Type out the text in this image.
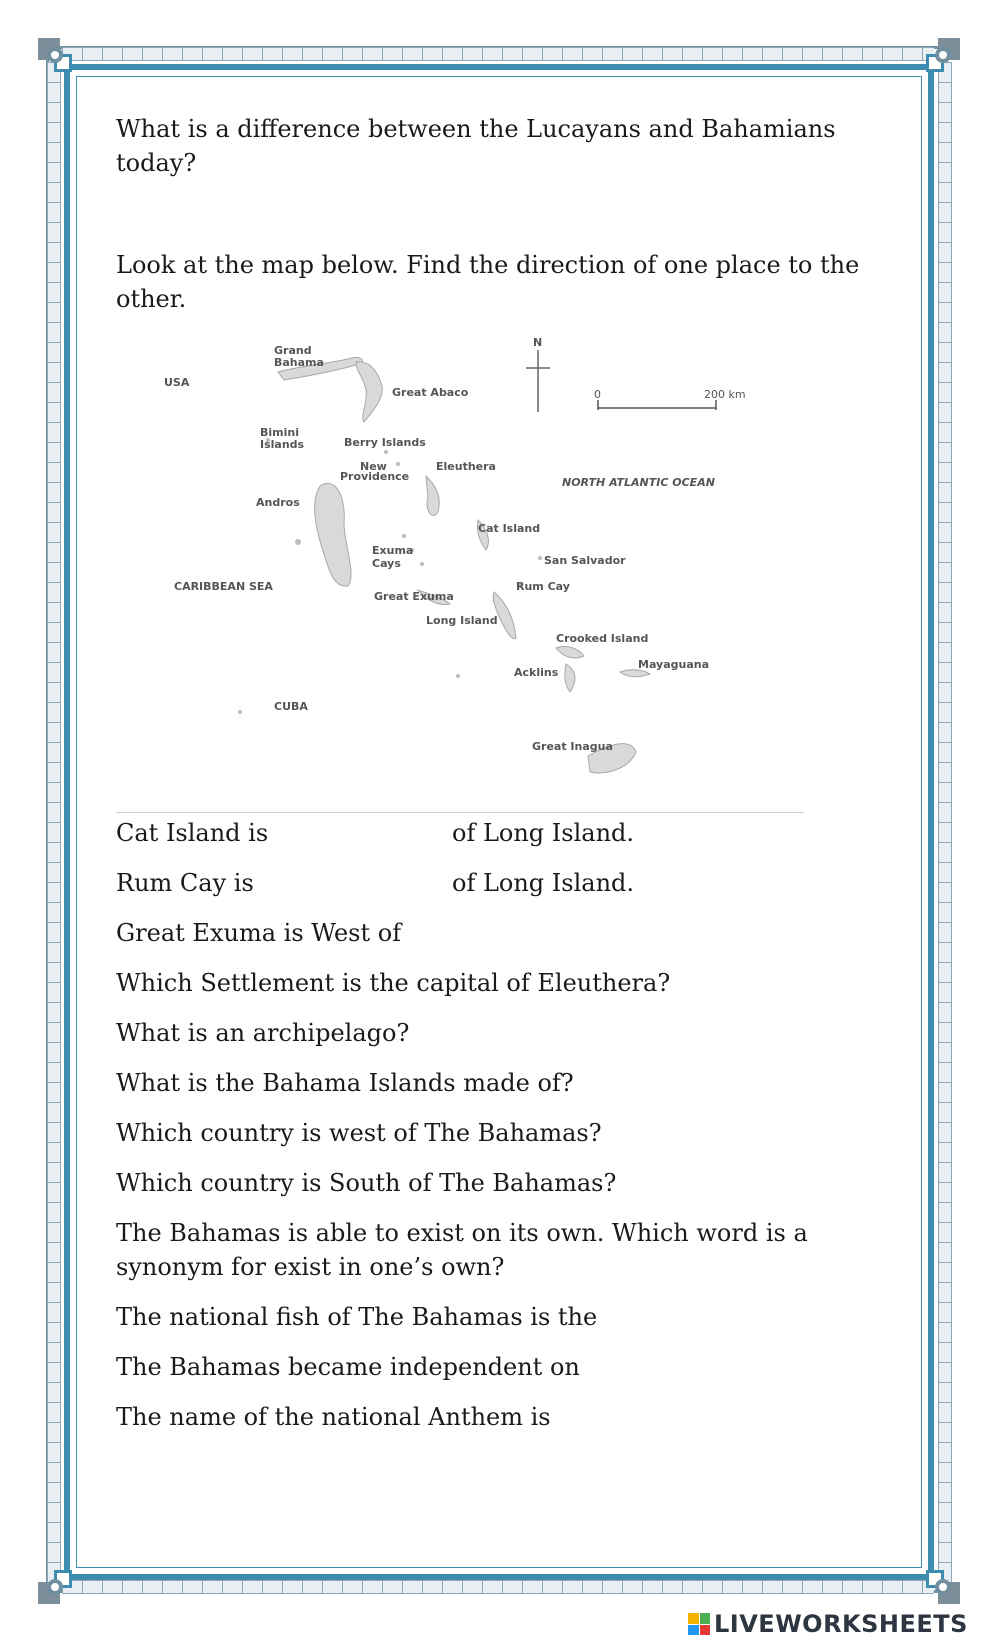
What is a difference between the Lucayans and Bahamians
today?
Look at the map below. Find the direction of one place to the
other.
N
0	200 km
Grand
Bahama
USA
Great Abaco
Bimini
Islands	Berry Islands
New
Providence
Eleuthera
NORTH ATLANTIC OCEAN
Andros
Cat Island
Exuma
Cays	San Salvador
CARIBBEAN SEA
Great Exuma
Rum Cay
Long Island
Crooked Island
Mayaguana
Acklins
CUBA
Great Inagua
Cat Island is	of Long Island.
Rum Cay is	of Long Island.
Great Exuma is West of
Which Settlement is the capital of Eleuthera?
What is an archipelago?
What is the Bahama Islands made of?
Which country is west of The Bahamas?
Which country is South of The Bahamas?
The Bahamas is able to exist on its own. Which word is a
synonym for exist in one’s own?
The national fish of The Bahamas is the
The Bahamas became independent on
The name of the national Anthem is
LIVEWORKSHEETS
